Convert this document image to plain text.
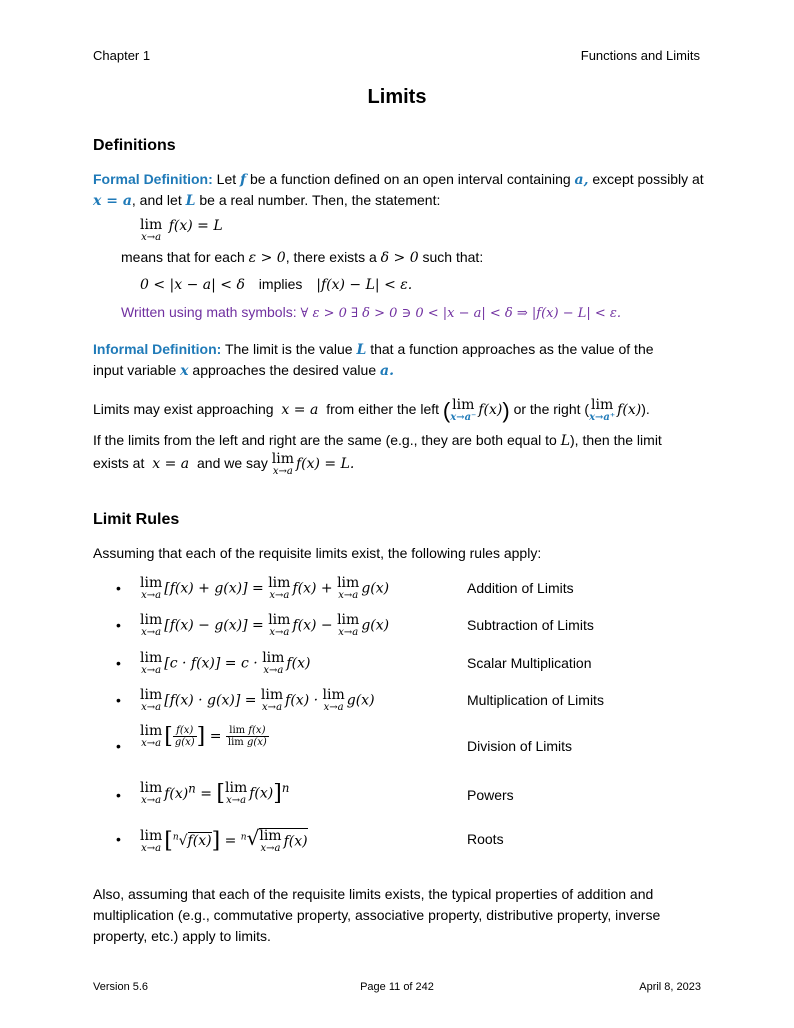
Chapter 1	Functions and Limits
Limits
Definitions
Formal Definition: Let f be a function defined on an open interval containing a, except possibly at
x = a, and let L be a real number. Then, the statement:
lim
x→a
f(x) = L
means that for each ε > 0, there exists a δ > 0 such that:
0 < |x − a| < δ implies |f(x) − L| < ε.
Written using math symbols: ∀ ε > 0 ∃ δ > 0 ∋ 0 < |x − a| < δ ⇒ |f(x) − L| < ε.
Informal Definition: The limit is the value L that a function approaches as the value of the
input variable x approaches the desired value a.
Limits may exist approaching x = a from either the left ( lim
x→a⁻ f(x)) or the right ( lim
x→a⁺ f(x)).
If the limits from the left and right are the same (e.g., they are both equal to L), then the limit
exists at x = a and we say lim
x→a f(x) = L.
Limit Rules
Assuming that each of the requisite limits exist, the following rules apply:
• lim
x→a [f(x) + g(x)] = lim
x→a f(x) + lim
x→a g(x)	Addition of Limits
• lim
x→a [f(x) − g(x)] = lim
x→a f(x) − lim
x→a g(x)	Subtraction of Limits
• lim
x→a [c · f(x)] = c · lim
x→a f(x)	Scalar Multiplication
• lim
x→a [f(x) · g(x)] = lim
x→a f(x) · lim
x→a g(x)	Multiplication of Limits
•
lim
x→a [ $\frac{f(x)}{g(x)}$ ] = $\frac{\text{lim f(x)}}{\text{lim g(x)}}$	Division of Limits
• lim
x→a $f(x)^n$ = [ lim
x→a f(x)]$^n$	Powers
• lim
x→a [$^n$√f(x)] = $^n$√ lim
x→a f(x)	Roots
Also, assuming that each of the requisite limits exists, the typical properties of addition and
multiplication (e.g., commutative property, associative property, distributive property, inverse
property, etc.) apply to limits.
Version 5.6	Page 11 of 242	April 8, 2023
